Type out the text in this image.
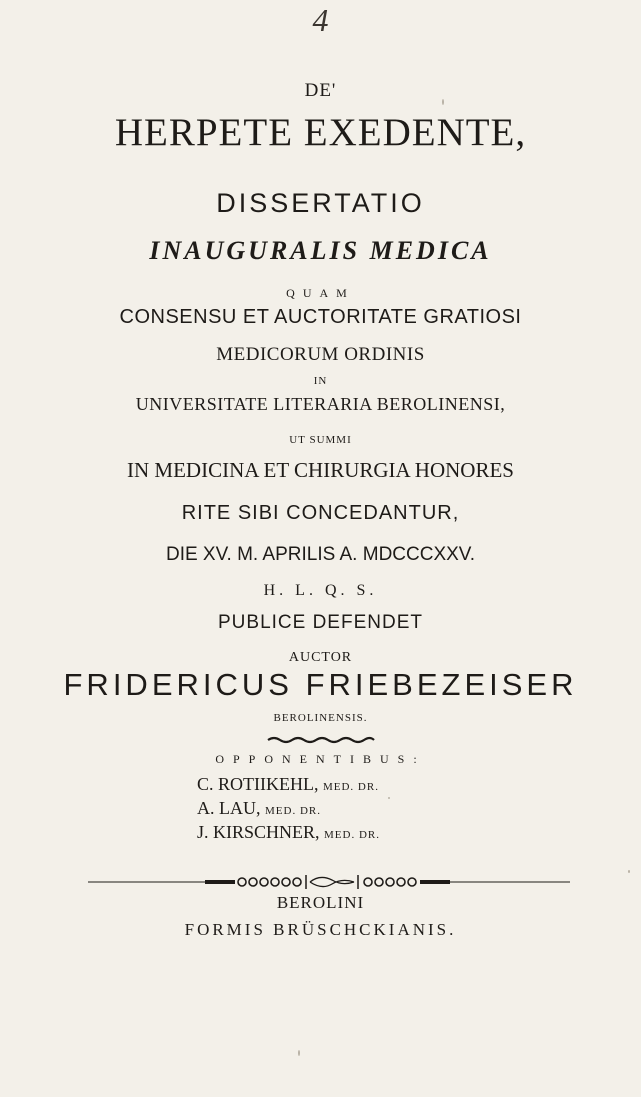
4
DE'
HERPETE EXEDENTE,
DISSERTATIO
INAUGURALIS MEDICA
QUAM
CONSENSU ET AUCTORITATE GRATIOSI
MEDICORUM ORDINIS
IN
UNIVERSITATE LITERARIA BEROLINENSI,
UT SUMMI
IN MEDICINA ET CHIRURGIA HONORES
RITE SIBI CONCEDANTUR,
DIE XV. M. APRILIS A. MDCCCXXV.
H. L. Q. S.
PUBLICE DEFENDET
AUCTOR
FRIDERICUS FRIEBEZEISER
BEROLINENSIS.
OPPONENTIBUS:
C. ROTIIKEHL, MED. DR.
A. LAU, MED. DR.
J. KIRSCHNER, MED. DR.
BEROLINI
FORMIS BRÜSCHCKIANIS.
